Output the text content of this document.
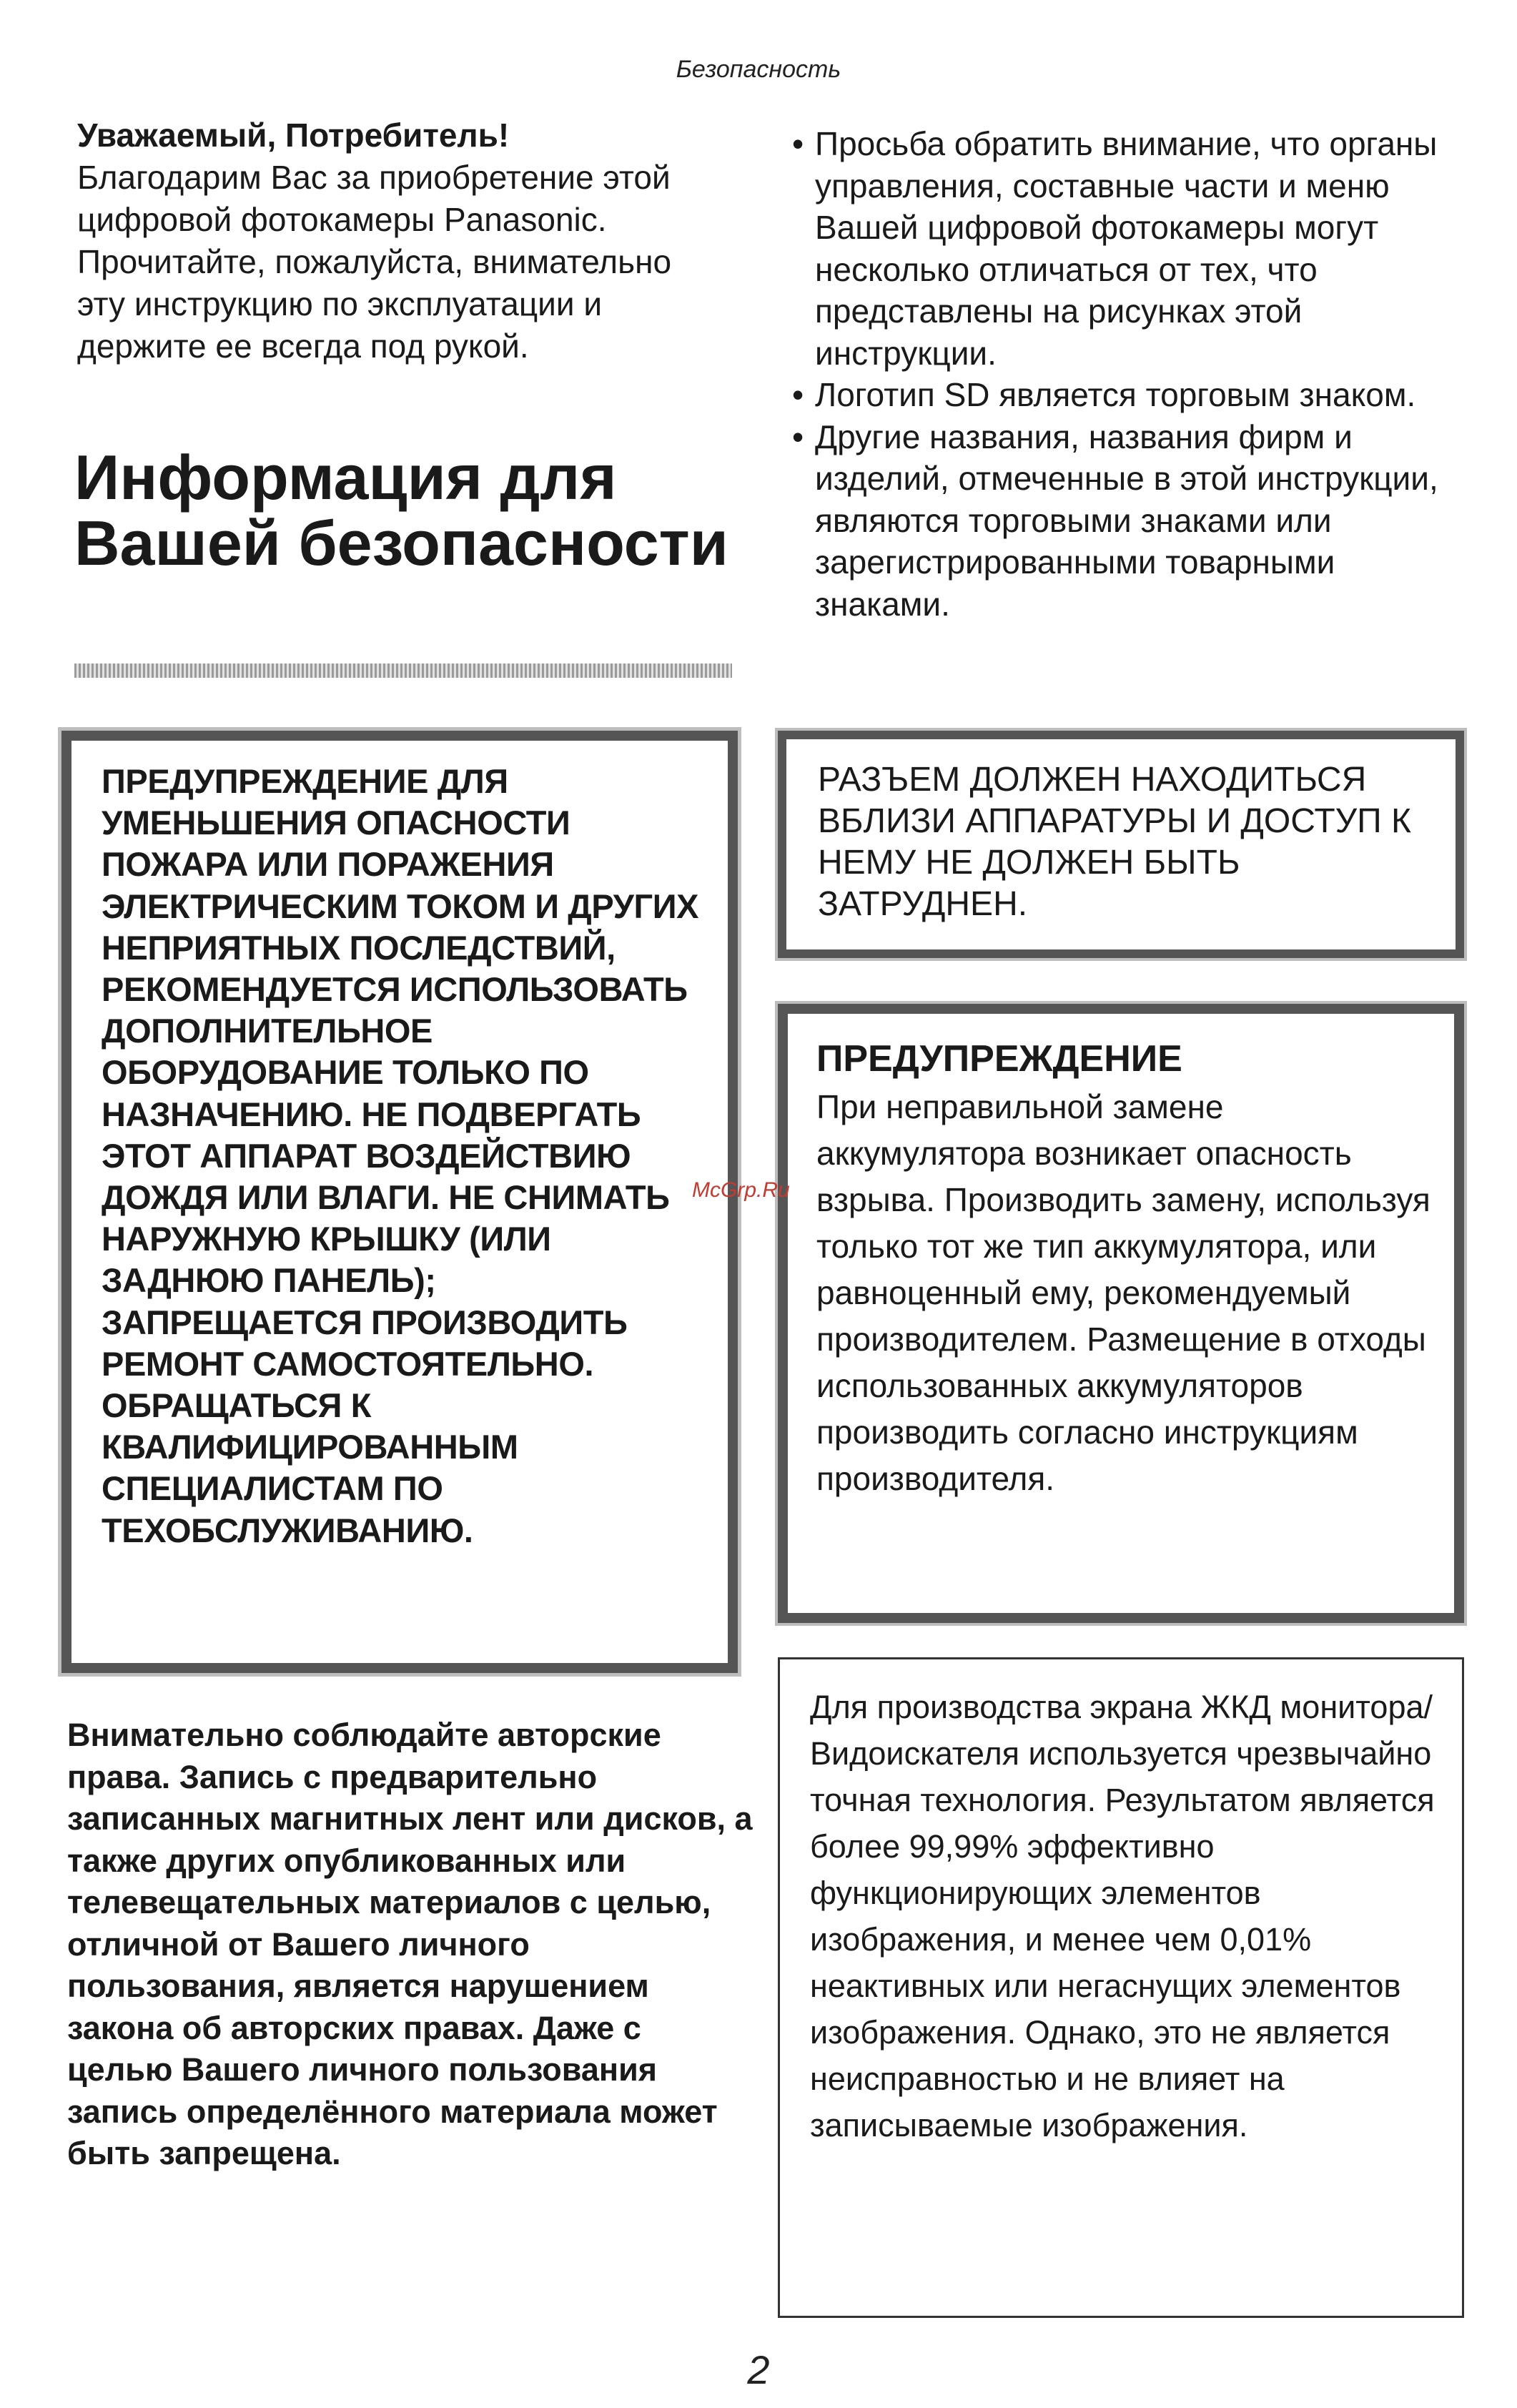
Безопасность
Уважаемый, Потребитель!
Благодарим Вас за приобретение этой цифровой фотокамеры Panasonic. Прочитайте, пожалуйста, внимательно эту инструкцию по эксплуатации и держите ее всегда под рукой.
Информация для Вашей безопасности
ПРЕДУПРЕЖДЕНИЕ ДЛЯ УМЕНЬШЕНИЯ ОПАСНОСТИ ПОЖАРА ИЛИ ПОРАЖЕНИЯ ЭЛЕКТРИЧЕСКИМ ТОКОМ И ДРУГИХ НЕПРИЯТНЫХ ПОСЛЕДСТВИЙ, РЕКОМЕНДУЕТСЯ ИСПОЛЬЗОВАТЬ ДОПОЛНИТЕЛЬНОЕ ОБОРУДОВАНИЕ ТОЛЬКО ПО НАЗНАЧЕНИЮ. НЕ ПОДВЕРГАТЬ ЭТОТ АППАРАТ ВОЗДЕЙСТВИЮ ДОЖДЯ ИЛИ ВЛАГИ. НЕ СНИМАТЬ НАРУЖНУЮ КРЫШКУ (ИЛИ ЗАДНЮЮ ПАНЕЛЬ); ЗАПРЕЩАЕТСЯ ПРОИЗВОДИТЬ РЕМОНТ САМОСТОЯТЕЛЬНО. ОБРАЩАТЬСЯ К КВАЛИФИЦИРОВАННЫМ СПЕЦИАЛИСТАМ ПО ТЕХОБСЛУЖИВАНИЮ.
• Просьба обратить внимание, что органы управления, составные части и меню Вашей цифровой фотокамеры могут несколько отличаться от тех, что представлены на рисунках этой инструкции.
• Логотип SD является торговым знаком.
• Другие названия, названия фирм и изделий, отмеченные в этой инструкции, являются торговыми знаками или зарегистрированными товарными знаками.
РАЗЪЕМ ДОЛЖЕН НАХОДИТЬСЯ ВБЛИЗИ АППАРАТУРЫ И ДОСТУП К НЕМУ НЕ ДОЛЖЕН БЫТЬ ЗАТРУДНЕН.
ПРЕДУПРЕЖДЕНИЕ
При неправильной замене аккумулятора возникает опасность взрыва. Производить замену, используя только тот же тип аккумулятора, или равноценный ему, рекомендуемый производителем. Размещение в отходы использованных аккумуляторов производить согласно инструкциям производителя.
Внимательно соблюдайте авторские права. Запись с предварительно записанных магнитных лент или дисков, а также других опубликованных или телевещательных материалов с целью, отличной от Вашего личного пользования, является нарушением закона об авторских правах. Даже с целью Вашего личного пользования запись определённого материала может быть запрещена.
Для производства экрана ЖКД монитора/Видоискателя используется чрезвычайно точная технология. Результатом является более 99,99% эффективно функционирующих элементов изображения, и менее чем 0,01% неактивных или негаснущих элементов изображения. Однако, это не является неисправностью и не влияет на записываемые изображения.
McGrp.Ru
2
